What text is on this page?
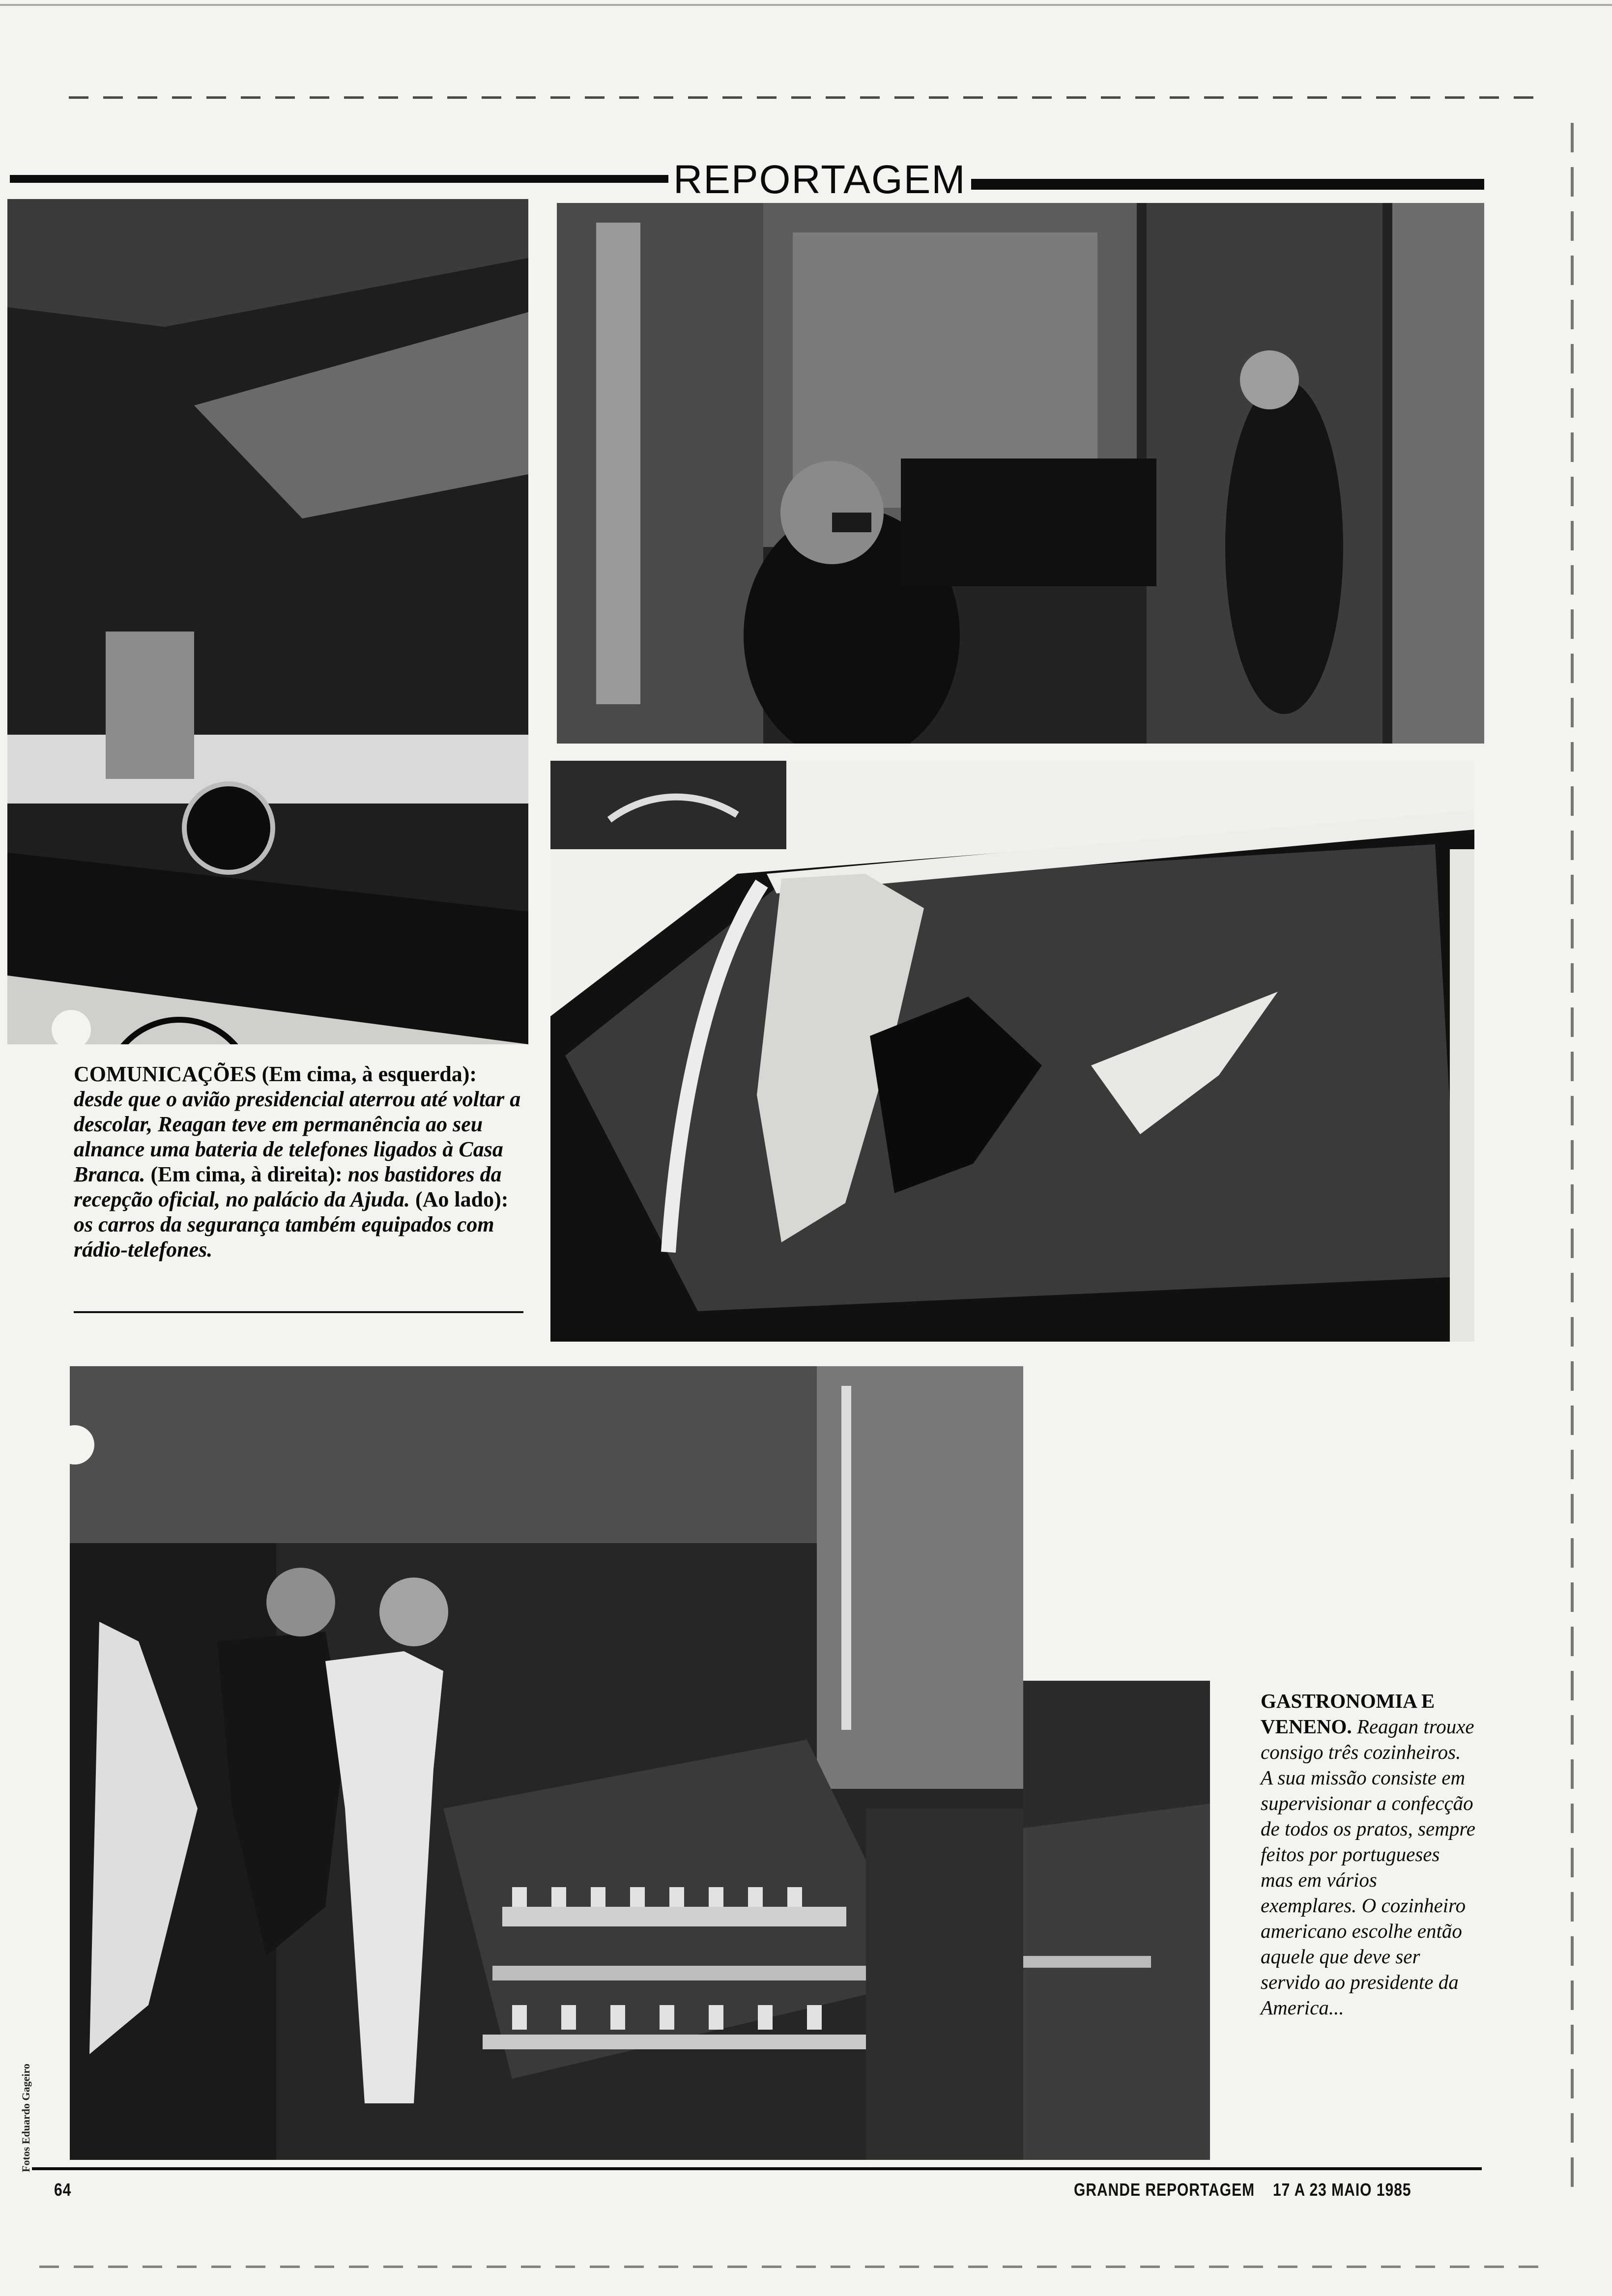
REPORTAGEM
COMUNICAÇÕES (Em cima, à esquerda): desde que o avião presidencial aterrou até voltar a descolar, Reagan teve em permanência ao seu alnance uma bateria de telefones ligados à Casa Branca. (Em cima, à direita): nos bastidores da recepção oficial, no palácio da Ajuda. (Ao lado): os carros da segurança também equipados com rádio-telefones.
GASTRONOMIA E VENENO. Reagan trouxe consigo três cozinheiros. A sua missão consiste em supervisionar a confecção de todos os pratos, sempre feitos por portugueses mas em vários exemplares. O cozinheiro americano escolhe então aquele que deve ser servido ao presidente da America...
Fotos Eduardo Gageiro
64	GRANDE REPORTAGEM 17 A 23 MAIO 1985
